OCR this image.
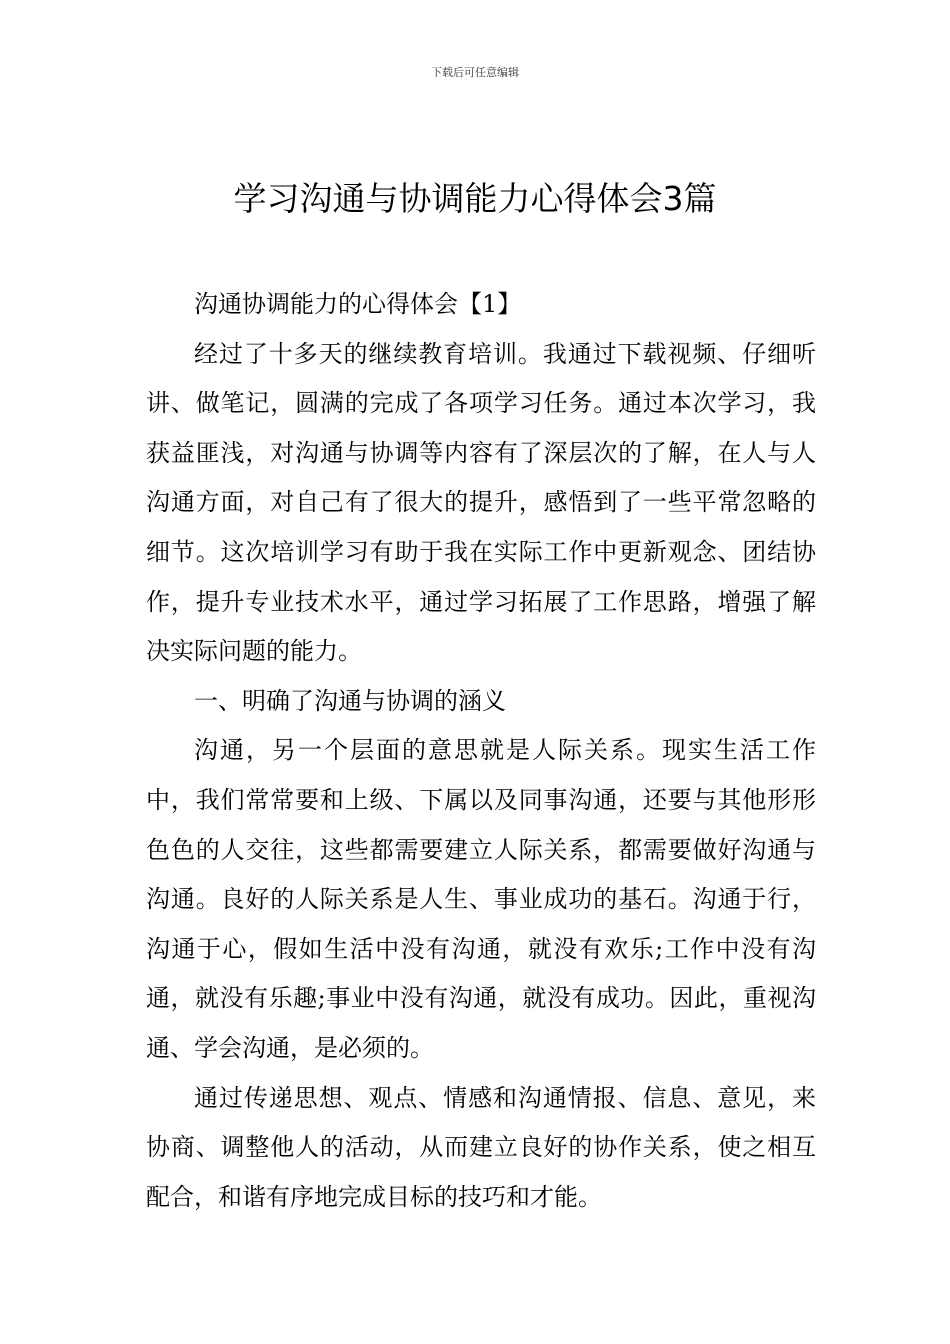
下载后可任意编辑
学习沟通与协调能力心得体会3篇

沟通协调能力的心得体会【1】

经过了十多天的继续教育培训。我通过下载视频、仔细听讲、做笔记，圆满的完成了各项学习任务。通过本次学习，我获益匪浅，对沟通与协调等内容有了深层次的了解，在人与人沟通方面，对自己有了很大的提升，感悟到了一些平常忽略的细节。这次培训学习有助于我在实际工作中更新观念、团结协作，提升专业技术水平，通过学习拓展了工作思路，增强了解决实际问题的能力。

一、明确了沟通与协调的涵义

沟通，另一个层面的意思就是人际关系。现实生活工作中，我们常常要和上级、下属以及同事沟通，还要与其他形形色色的人交往，这些都需要建立人际关系，都需要做好沟通与沟通。良好的人际关系是人生、事业成功的基石。沟通于行，沟通于心，假如生活中没有沟通，就没有欢乐;工作中没有沟通，就没有乐趣;事业中没有沟通，就没有成功。因此，重视沟通、学会沟通，是必须的。

通过传递思想、观点、情感和沟通情报、信息、意见，来协商、调整他人的活动，从而建立良好的协作关系，使之相互配合，和谐有序地完成目标的技巧和才能。
